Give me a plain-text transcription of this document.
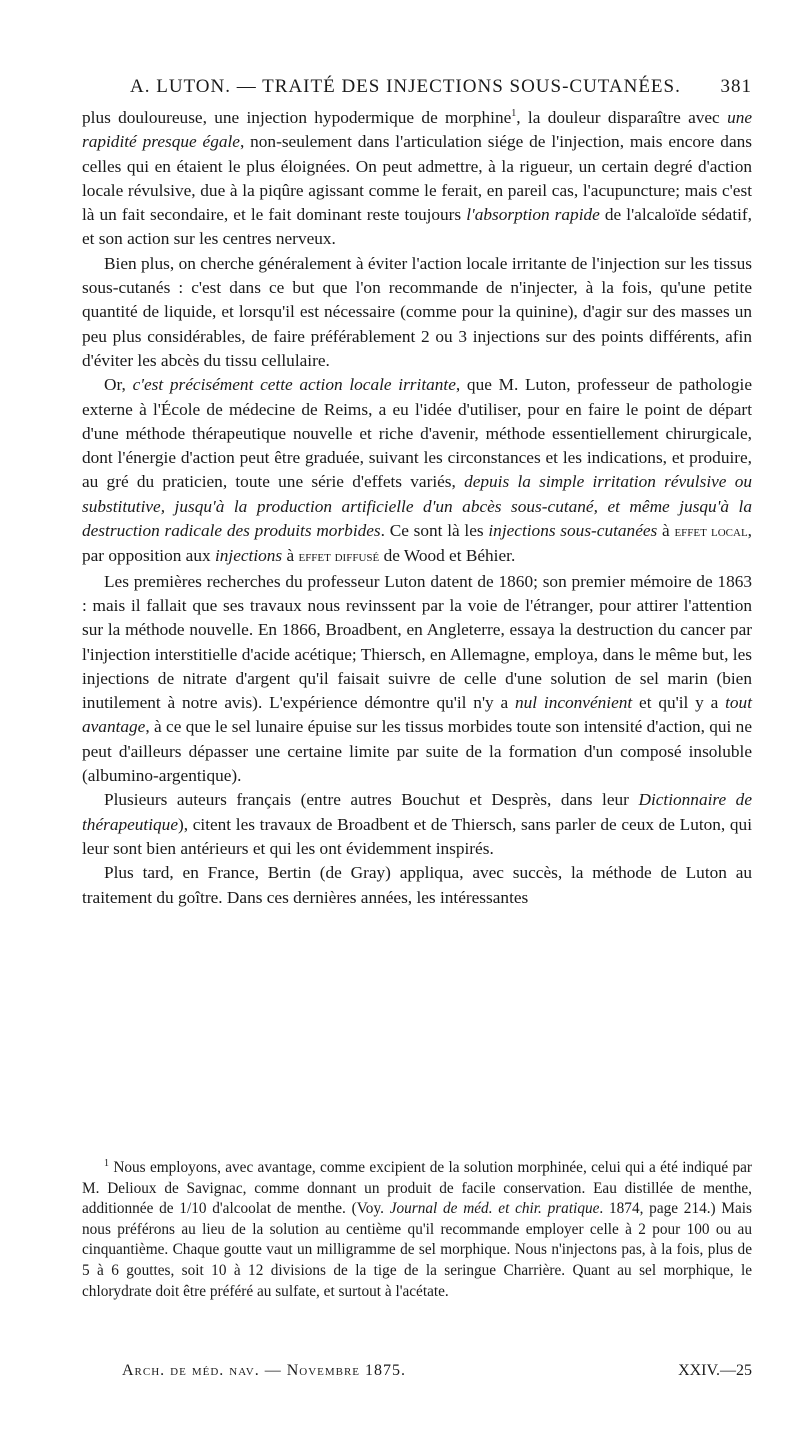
A. LUTON. — TRAITÉ DES INJECTIONS SOUS-CUTANÉES. 381

plus douloureuse, une injection hypodermique de morphine$^1$, la douleur disparaître avec une rapidité presque égale, non-seulement dans l'articulation siége de l'injection, mais encore dans celles qui en étaient le plus éloignées. On peut admettre, à la rigueur, un certain degré d'action locale révulsive, due à la piqûre agissant comme le ferait, en pareil cas, l'acupuncture; mais c'est là un fait secondaire, et le fait dominant reste toujours l'absorption rapide de l'alcaloïde sédatif, et son action sur les centres nerveux.

Bien plus, on cherche généralement à éviter l'action locale irritante de l'injection sur les tissus sous-cutanés : c'est dans ce but que l'on recommande de n'injecter, à la fois, qu'une petite quantité de liquide, et lorsqu'il est nécessaire (comme pour la quinine), d'agir sur des masses un peu plus considérables, de faire préférablement 2 ou 3 injections sur des points différents, afin d'éviter les abcès du tissu cellulaire.

Or, c'est précisément cette action locale irritante, que M. Luton, professeur de pathologie externe à l'École de médecine de Reims, a eu l'idée d'utiliser, pour en faire le point de départ d'une méthode thérapeutique nouvelle et riche d'avenir, méthode essentiellement chirurgicale, dont l'énergie d'action peut être graduée, suivant les circonstances et les indications, et produire, au gré du praticien, toute une série d'effets variés, depuis la simple irritation révulsive ou substitutive, jusqu'à la production artificielle d'un abcès sous-cutané, et même jusqu'à la destruction radicale des produits morbides. Ce sont là les injections sous-cutanées à effet local, par opposition aux injections à effet diffusé de Wood et Béhier.

Les premières recherches du professeur Luton datent de 1860; son premier mémoire de 1863 : mais il fallait que ses travaux nous revinssent par la voie de l'étranger, pour attirer l'attention sur la méthode nouvelle. En 1866, Broadbent, en Angleterre, essaya la destruction du cancer par l'injection interstitielle d'acide acétique; Thiersch, en Allemagne, employa, dans le même but, les injections de nitrate d'argent qu'il faisait suivre de celle d'une solution de sel marin (bien inutilement à notre avis). L'expérience démontre qu'il n'y a nul inconvénient et qu'il y a tout avantage, à ce que le sel lunaire épuise sur les tissus morbides toute son intensité d'action, qui ne peut d'ailleurs dépasser une certaine limite par suite de la formation d'un composé insoluble (albumino-argentique).

Plusieurs auteurs français (entre autres Bouchut et Desprès, dans leur Dictionnaire de thérapeutique), citent les travaux de Broadbent et de Thiersch, sans parler de ceux de Luton, qui leur sont bien antérieurs et qui les ont évidemment inspirés.

Plus tard, en France, Bertin (de Gray) appliqua, avec succès, la méthode de Luton au traitement du goître. Dans ces dernières années, les intéressantes

$^1$ Nous employons, avec avantage, comme excipient de la solution morphinée, celui qui a été indiqué par M. Delioux de Savignac, comme donnant un produit de facile conservation. Eau distillée de menthe, additionnée de 1/10 d'alcoolat de menthe. (Voy. Journal de méd. et chir. pratique. 1874, page 214.) Mais nous préférons au lieu de la solution au centième qu'il recommande employer celle à 2 pour 100 ou au cinquantième. Chaque goutte vaut un milligramme de sel morphique. Nous n'injectons pas, à la fois, plus de 5 à 6 gouttes, soit 10 à 12 divisions de la tige de la seringue Charrière. Quant au sel morphique, le chlorydrate doit être préféré au sulfate, et surtout à l'acétate.

Arch. de méd. nav. — Novembre 1875.	XXIV.—25
